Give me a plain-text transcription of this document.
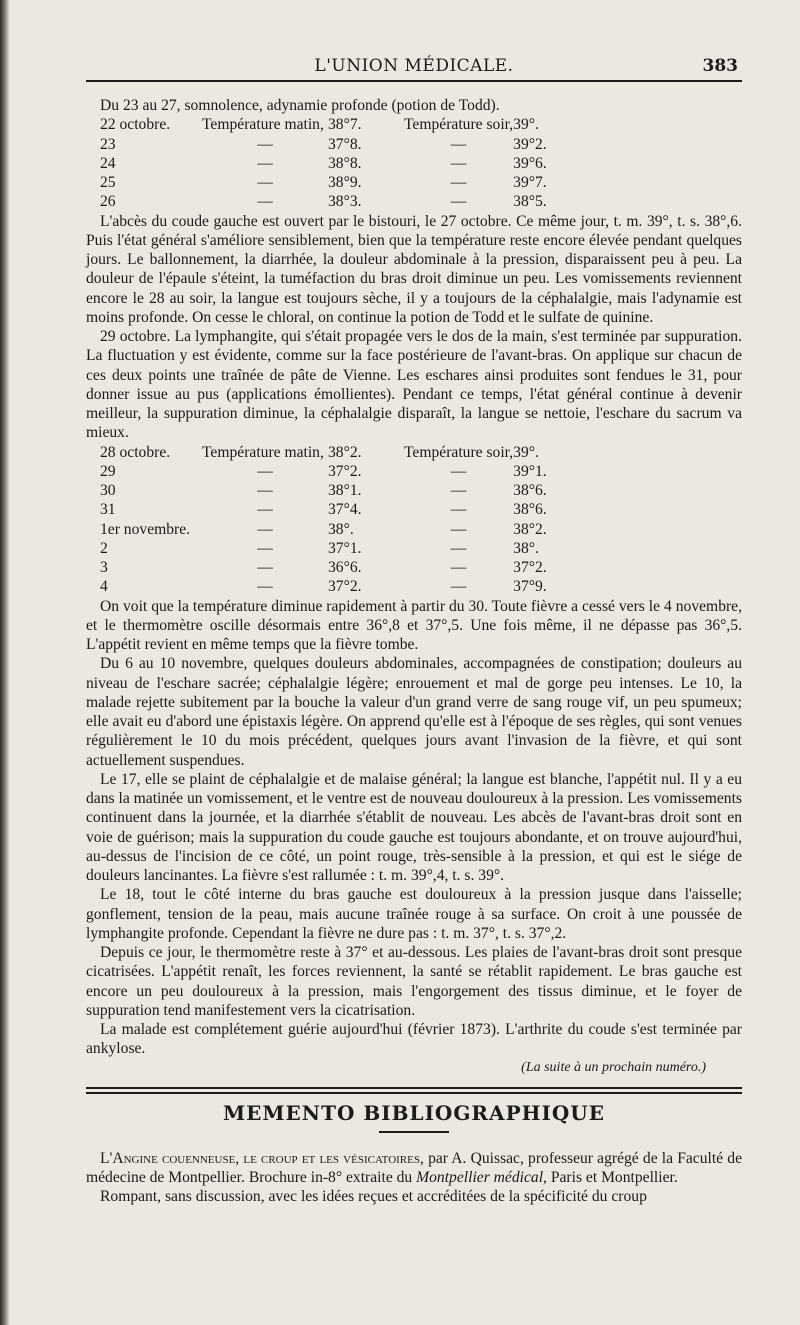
L'UNION MÉDICALE.	383

Du 23 au 27, somnolence, adynamie profonde (potion de Todd).

22 octobre.	Température matin,	38°7.	Température soir,	39°.
23	—	37°8.	—	39°2.
24	—	38°8.	—	39°6.
25	—	38°9.	—	39°7.
26	—	38°3.	—	38°5.

L'abcès du coude gauche est ouvert par le bistouri, le 27 octobre. Ce même jour, t. m. 39°, t. s. 38°,6. Puis l'état général s'améliore sensiblement, bien que la température reste encore élevée pendant quelques jours. Le ballonnement, la diarrhée, la douleur abdominale à la pression, disparaissent peu à peu. La douleur de l'épaule s'éteint, la tuméfaction du bras droit diminue un peu. Les vomissements reviennent encore le 28 au soir, la langue est toujours sèche, il y a toujours de la céphalalgie, mais l'adynamie est moins profonde. On cesse le chloral, on continue la potion de Todd et le sulfate de quinine.

29 octobre. La lymphangite, qui s'était propagée vers le dos de la main, s'est terminée par suppuration. La fluctuation y est évidente, comme sur la face postérieure de l'avant-bras. On applique sur chacun de ces deux points une traînée de pâte de Vienne. Les eschares ainsi produites sont fendues le 31, pour donner issue au pus (applications émollientes). Pendant ce temps, l'état général continue à devenir meilleur, la suppuration diminue, la céphalalgie disparaît, la langue se nettoie, l'eschare du sacrum va mieux.

28 octobre.	Température matin,	38°2.	Température soir,	39°.
29	—	37°2.	—	39°1.
30	—	38°1.	—	38°6.
31	—	37°4.	—	38°6.
1er novembre.	—	38°.	—	38°2.
2	—	37°1.	—	38°.
3	—	36°6.	—	37°2.
4	—	37°2.	—	37°9.

On voit que la température diminue rapidement à partir du 30. Toute fièvre a cessé vers le 4 novembre, et le thermomètre oscille désormais entre 36°,8 et 37°,5. Une fois même, il ne dépasse pas 36°,5. L'appétit revient en même temps que la fièvre tombe.

Du 6 au 10 novembre, quelques douleurs abdominales, accompagnées de constipation; douleurs au niveau de l'eschare sacrée; céphalalgie légère; enrouement et mal de gorge peu intenses. Le 10, la malade rejette subitement par la bouche la valeur d'un grand verre de sang rouge vif, un peu spumeux; elle avait eu d'abord une épistaxis légère. On apprend qu'elle est à l'époque de ses règles, qui sont venues régulièrement le 10 du mois précédent, quelques jours avant l'invasion de la fièvre, et qui sont actuellement suspendues.

Le 17, elle se plaint de céphalalgie et de malaise général; la langue est blanche, l'appétit nul. Il y a eu dans la matinée un vomissement, et le ventre est de nouveau douloureux à la pression. Les vomissements continuent dans la journée, et la diarrhée s'établit de nouveau. Les abcès de l'avant-bras droit sont en voie de guérison; mais la suppuration du coude gauche est toujours abondante, et on trouve aujourd'hui, au-dessus de l'incision de ce côté, un point rouge, très-sensible à la pression, et qui est le siége de douleurs lancinantes. La fièvre s'est rallumée : t. m. 39°,4, t. s. 39°.

Le 18, tout le côté interne du bras gauche est douloureux à la pression jusque dans l'aisselle; gonflement, tension de la peau, mais aucune traînée rouge à sa surface. On croit à une poussée de lymphangite profonde. Cependant la fièvre ne dure pas : t. m. 37°, t. s. 37°,2.

Depuis ce jour, le thermomètre reste à 37° et au-dessous. Les plaies de l'avant-bras droit sont presque cicatrisées. L'appétit renaît, les forces reviennent, la santé se rétablit rapidement. Le bras gauche est encore un peu douloureux à la pression, mais l'engorgement des tissus diminue, et le foyer de suppuration tend manifestement vers la cicatrisation.

La malade est complétement guérie aujourd'hui (février 1873). L'arthrite du coude s'est terminée par ankylose.

(La suite à un prochain numéro.)
MEMENTO BIBLIOGRAPHIQUE

L'Angine couenneuse, le croup et les vésicatoires, par A. Quissac, professeur agrégé de la Faculté de médecine de Montpellier. Brochure in-8° extraite du Montpellier médical, Paris et Montpellier.

Rompant, sans discussion, avec les idées reçues et accréditées de la spécificité du croup
